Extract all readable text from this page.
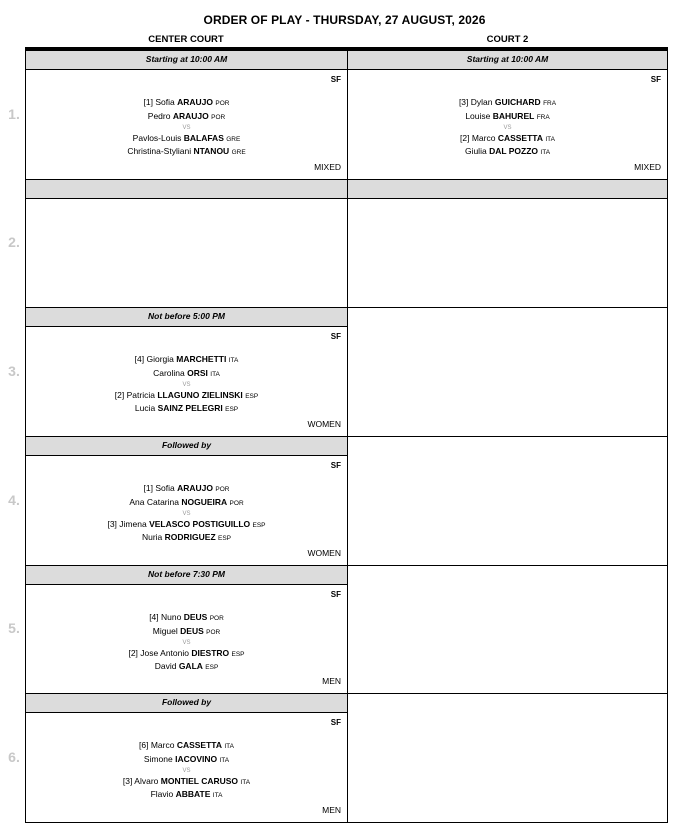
ORDER OF PLAY - THURSDAY, 27 AUGUST, 2026
CENTER COURT	COURT 2
1.
Starting at 10:00 AM
SF
MIXED
[1] Sofia ARAUJO POR
Pedro ARAUJO POR
VS
Pavlos-Louis BALAFAS GRE
Christina-Styliani NTANOU GRE
Starting at 10:00 AM
SF
MIXED
[3] Dylan GUICHARD FRA
Louise BAHUREL FRA
VS
[2] Marco CASSETTA ITA
Giulia DAL POZZO ITA
2.
3.
Not before 5:00 PM
SF
WOMEN
[4] Giorgia MARCHETTI ITA
Carolina ORSI ITA
VS
[2] Patricia LLAGUNO ZIELINSKI ESP
Lucia SAINZ PELEGRI ESP
4.
Followed by
SF
WOMEN
[1] Sofia ARAUJO POR
Ana Catarina NOGUEIRA POR
VS
[3] Jimena VELASCO POSTIGUILLO ESP
Nuria RODRIGUEZ ESP
5.
Not before 7:30 PM
SF
MEN
[4] Nuno DEUS POR
Miguel DEUS POR
VS
[2] Jose Antonio DIESTRO ESP
David GALA ESP
6.
Followed by
SF
MEN
[6] Marco CASSETTA ITA
Simone IACOVINO ITA
VS
[3] Alvaro MONTIEL CARUSO ITA
Flavio ABBATE ITA
